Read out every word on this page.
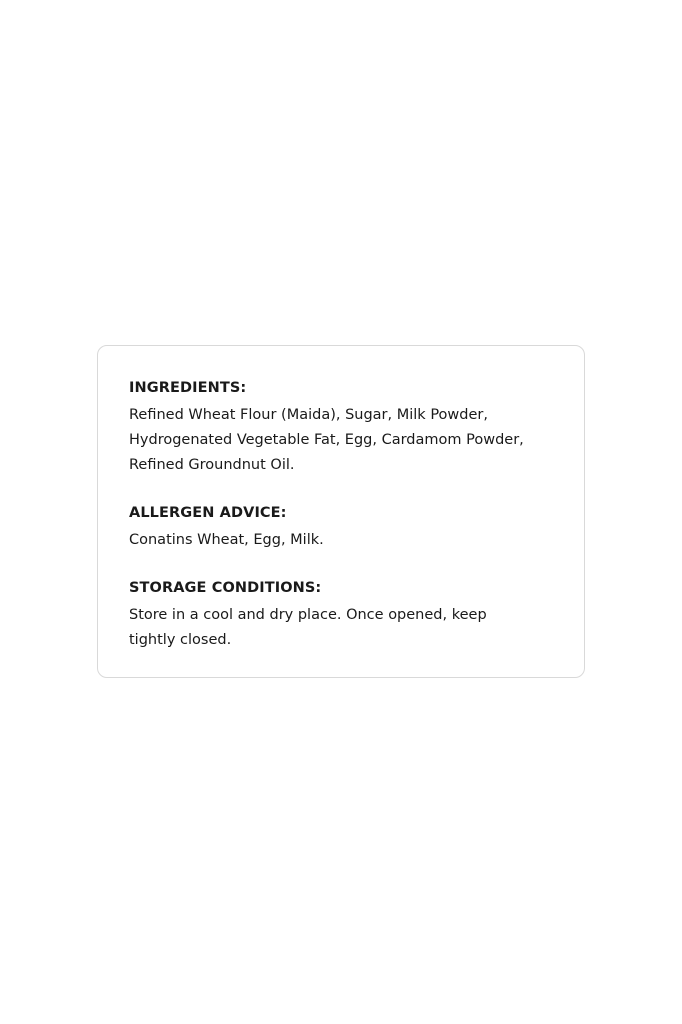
INGREDIENTS:

Refined Wheat Flour (Maida), Sugar, Milk Powder, Hydrogenated Vegetable Fat, Egg, Cardamom Powder, Refined Groundnut Oil.

ALLERGEN ADVICE:

Conatins Wheat, Egg, Milk.

STORAGE CONDITIONS:

Store in a cool and dry place. Once opened, keep tightly closed.
